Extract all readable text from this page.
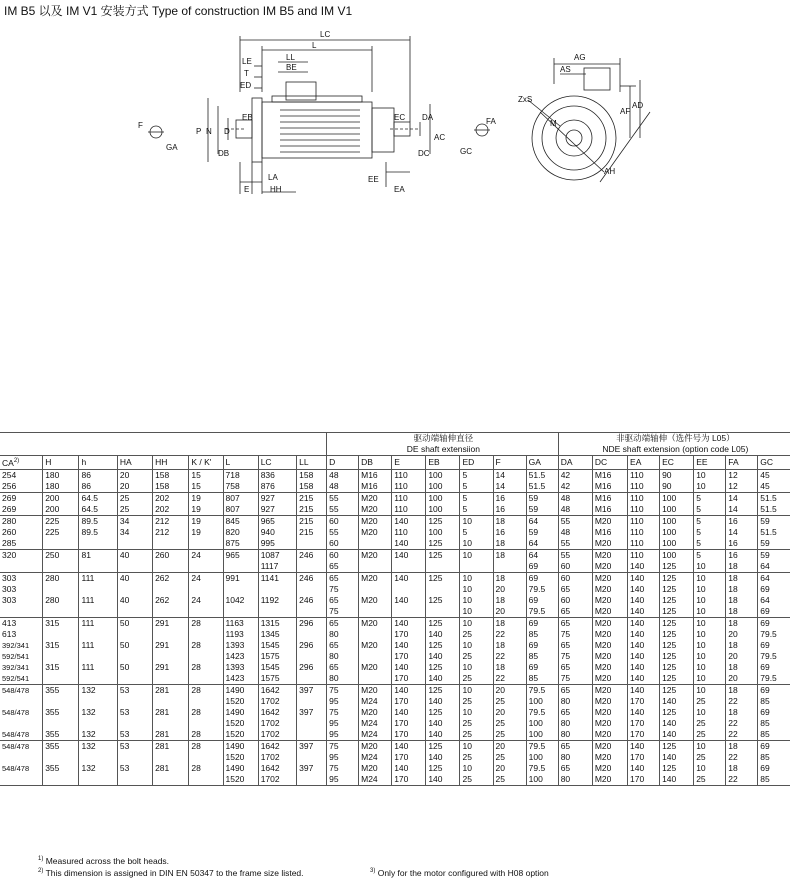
IM B5 以及 IM V1 安装方式 Type of construction IM B5 and IM V1
LC
L
LL
LE
BE
T
ED
EB
P N D
DB
LA
E	HH
F
GA
EC DA
DC
AC
EE
EA
GC
FA
AG
AS
AF
AD
ZxS
M
AH
									驱动端轴伸直径							非驱动端轴伸（选件号为 L05）						
									DE shaft extensiion							NDE shaft extension (option code L05)						
CA$^{2)}$	H	h	HA	HH	K / K'	L	LC	LL	D	DB	E	EB	ED	F	GA	DA	DC	EA	EC	EE	FA	GC
254	180	86	20	158	15	718	836	158	48	M16	110	100	5	14	51.5	42	M16	110	90	10	12	45
256	180	86	20	158	15	758	876	158	48	M16	110	100	5	14	51.5	42	M16	110	90	10	12	45
269	200	64.5	25	202	19	807	927	215	55	M20	110	100	5	16	59	48	M16	110	100	5	14	51.5
269	200	64.5	25	202	19	807	927	215	55	M20	110	100	5	16	59	48	M16	110	100	5	14	51.5
280	225	89.5	34	212	19	845	965	215	60	M20	140	125	10	18	64	55	M20	110	100	5	16	59
260	225	89.5	34	212	19	820	940	215	55	M20	110	100	5	16	59	48	M16	110	100	5	14	51.5
285						875	995		60		140	125	10	18	64	55	M20	110	100	5	16	59
320	250	81	40	260	24	965	1087	246	60	M20	140	125	10	18	64	55	M20	110	100	5	16	59
							1117		65						69	60	M20	140	125	10	18	64
303	280	111	40	262	24	991	1141	246	65	M20	140	125	10	18	69	60	M20	140	125	10	18	64
303									75				10	20	79.5	65	M20	140	125	10	18	69
303	280	111	40	262	24	1042	1192	246	65	M20	140	125	10	18	69	60	M20	140	125	10	18	64
									75				10	20	79.5	65	M20	140	125	10	18	69
413	315	111	50	291	28	1163	1315	296	65	M20	140	125	10	18	69	65	M20	140	125	10	18	69
613						1193	1345		80		170	140	25	22	85	75	M20	140	125	10	20	79.5
392/341	315	111	50	291	28	1393	1545	296	65	M20	140	125	10	18	69	65	M20	140	125	10	18	69
592/541						1423	1575		80		170	140	25	22	85	75	M20	140	125	10	20	79.5
392/341	315	111	50	291	28	1393	1545	296	65	M20	140	125	10	18	69	65	M20	140	125	10	18	69
592/541						1423	1575		80		170	140	25	22	85	75	M20	140	125	10	20	79.5
548/478	355	132	53	281	28	1490	1642	397	75	M20	140	125	10	20	79.5	65	M20	140	125	10	18	69
						1520	1702		95	M24	170	140	25	25	100	80	M20	170	140	25	22	85
548/478	355	132	53	281	28	1490	1642	397	75	M20	140	125	10	20	79.5	65	M20	140	125	10	18	69
						1520	1702		95	M24	170	140	25	25	100	80	M20	170	140	25	22	85
548/478	355	132	53	281	28	1520	1702		95	M24	170	140	25	25	100	80	M20	170	140	25	22	85
548/478	355	132	53	281	28	1490	1642	397	75	M20	140	125	10	20	79.5	65	M20	140	125	10	18	69
						1520	1702		95	M24	170	140	25	25	100	80	M20	170	140	25	22	85
548/478	355	132	53	281	28	1490	1642	397	75	M20	140	125	10	20	79.5	65	M20	140	125	10	18	69
						1520	1702		95	M24	170	140	25	25	100	80	M20	170	140	25	22	85
$^{1)}$ Measured across the bolt heads.
$^{2)}$ This dimension is assigned in DIN EN 50347 to the frame size listed.	$^{3)}$ Only for the motor configured with H08 option
